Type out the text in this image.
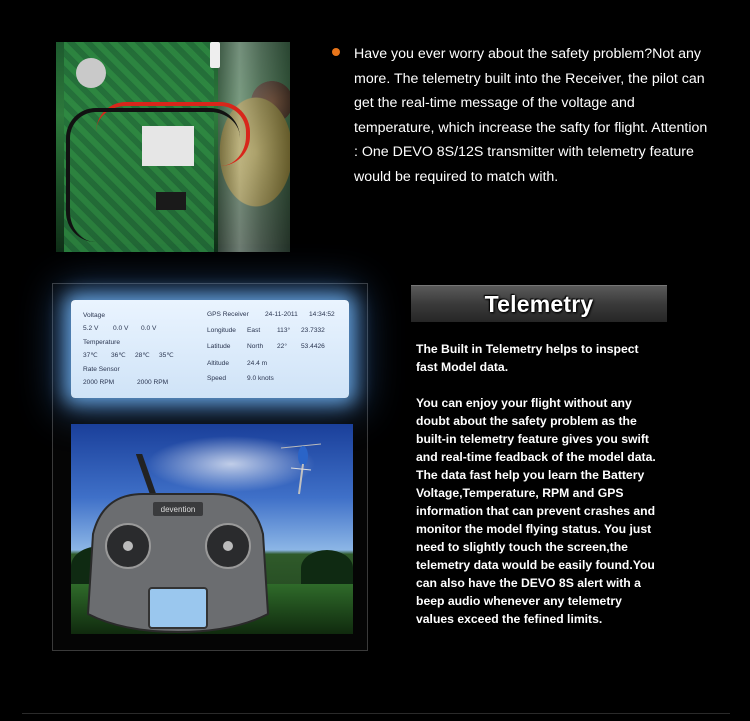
Have you ever worry about the safety problem?Not any more. The telemetry built into the Receiver, the pilot can get the real-time message of the voltage and temperature, which increase the safty for flight. Attention : One DEVO 8S/12S transmitter with telemetry feature would be required to match with.

Voltage
5.2 V 0.0 V 0.0 V
Temperature
37℃ 36℃ 28℃ 35℃
Rate Sensor
2000 RPM	2000 RPM
GPS Receiver 24-11-2011 14:34:52
Longitude East	113° 23.7332
Latitude	North 22° 53.4426
Altitude	24.4 m
Speed	9.0 knots
devention
Telemetry

The Built in Telemetry helps to inspect fast Model data.

You can enjoy your flight without any doubt about the safety problem as the built-in telemetry feature gives you swift and real-time feadback of the model data. The data fast help you learn the Battery Voltage,Temperature, RPM and GPS information that can prevent crashes and monitor the model flying status. You just need to slightly touch the screen,the telemetry data would be easily found.You can also have the DEVO 8S alert with a beep audio whenever any telemetry values exceed the fefined limits.
